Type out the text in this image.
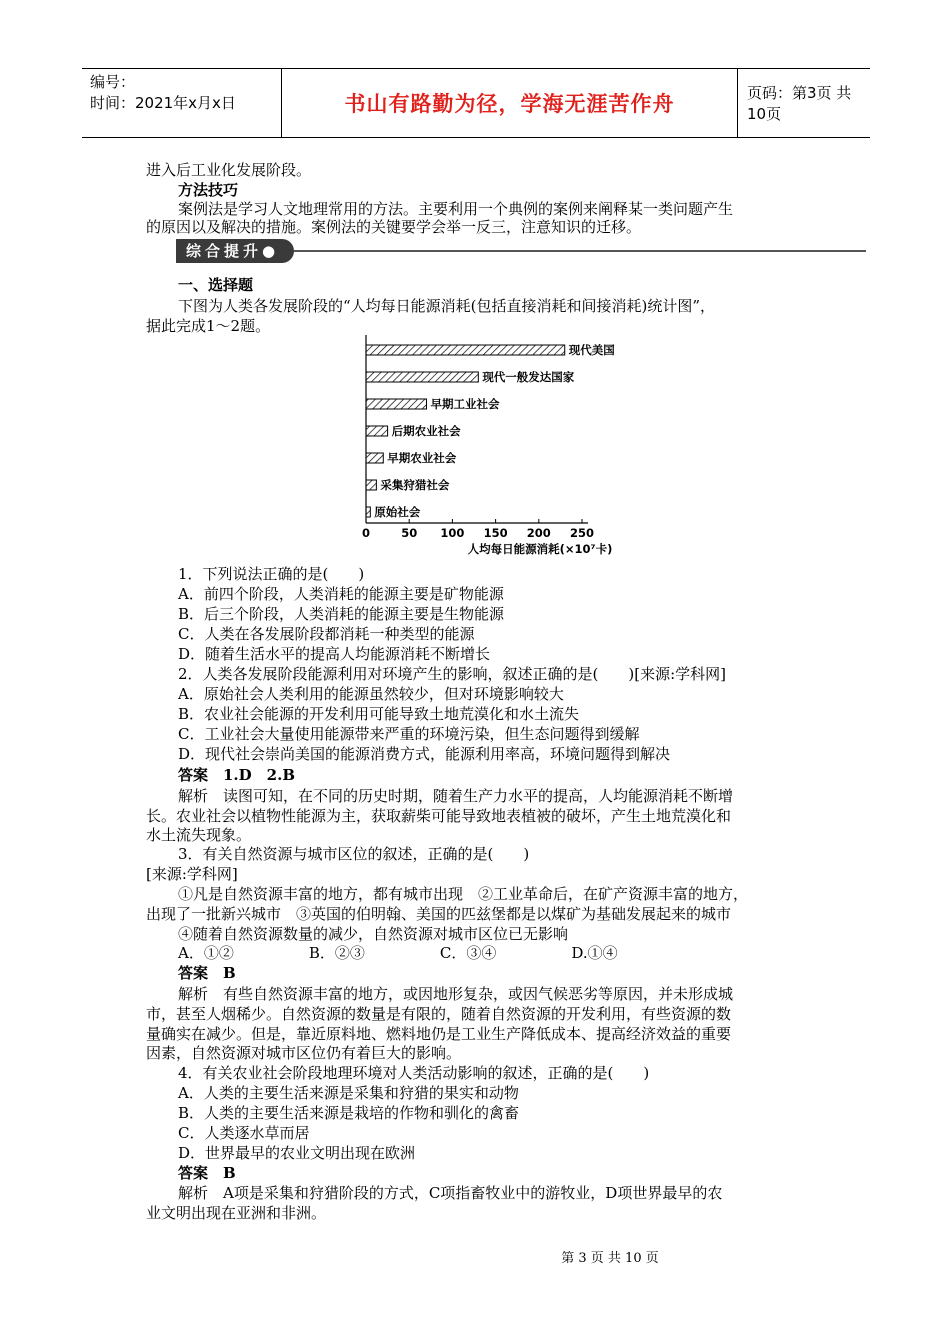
编号：
时间：2021年x月x日	书山有路勤为径，学海无涯苦作舟	页码：第3页 共10页
进入后工业化发展阶段。
方法技巧
案例法是学习人文地理常用的方法。主要利用一个典例的案例来阐释某一类问题产生
的原因以及解决的措施。案例法的关键要学会举一反三，注意知识的迁移。
综合提升●
一、选择题
下图为人类各发展阶段的“人均每日能源消耗(包括直接消耗和间接消耗)统计图”，
据此完成1～2题。
现代美国
现代一般发达国家
早期工业社会
后期农业社会
早期农业社会
采集狩猎社会
原始社会
0	50 100 150 200 250
人均每日能源消耗(×10⁷卡)
1．下列说法正确的是(　　)
A．前四个阶段，人类消耗的能源主要是矿物能源
B．后三个阶段，人类消耗的能源主要是生物能源
C．人类在各发展阶段都消耗一种类型的能源
D．随着生活水平的提高人均能源消耗不断增长
2．人类各发展阶段能源利用对环境产生的影响，叙述正确的是(　　)[来源:学科网]
A．原始社会人类利用的能源虽然较少，但对环境影响较大
B．农业社会能源的开发利用可能导致土地荒漠化和水土流失
C．工业社会大量使用能源带来严重的环境污染，但生态问题得到缓解
D．现代社会崇尚美国的能源消费方式，能源利用率高，环境问题得到解决
答案　1.D　2.B
解析　读图可知，在不同的历史时期，随着生产力水平的提高，人均能源消耗不断增
长。农业社会以植物性能源为主，获取薪柴可能导致地表植被的破坏，产生土地荒漠化和
水土流失现象。
3．有关自然资源与城市区位的叙述，正确的是(　　)
[来源:学科网]
①凡是自然资源丰富的地方，都有城市出现　②工业革命后，在矿产资源丰富的地方，
出现了一批新兴城市　③英国的伯明翰、美国的匹兹堡都是以煤矿为基础发展起来的城市
④随着自然资源数量的减少，自然资源对城市区位已无影响
A．①②　　　　　B．②③　　　　　C．③④　　　　　D.①④
答案　B
解析　有些自然资源丰富的地方，或因地形复杂，或因气候恶劣等原因，并未形成城
市，甚至人烟稀少。自然资源的数量是有限的，随着自然资源的开发利用，有些资源的数
量确实在减少。但是，靠近原料地、燃料地仍是工业生产降低成本、提高经济效益的重要
因素，自然资源对城市区位仍有着巨大的影响。
4．有关农业社会阶段地理环境对人类活动影响的叙述，正确的是(　　)
A．人类的主要生活来源是采集和狩猎的果实和动物
B．人类的主要生活来源是栽培的作物和驯化的禽畜
C．人类逐水草而居
D．世界最早的农业文明出现在欧洲
答案　B
解析　A项是采集和狩猎阶段的方式，C项指畜牧业中的游牧业，D项世界最早的农
业文明出现在亚洲和非洲。
第 3 页 共 10 页
